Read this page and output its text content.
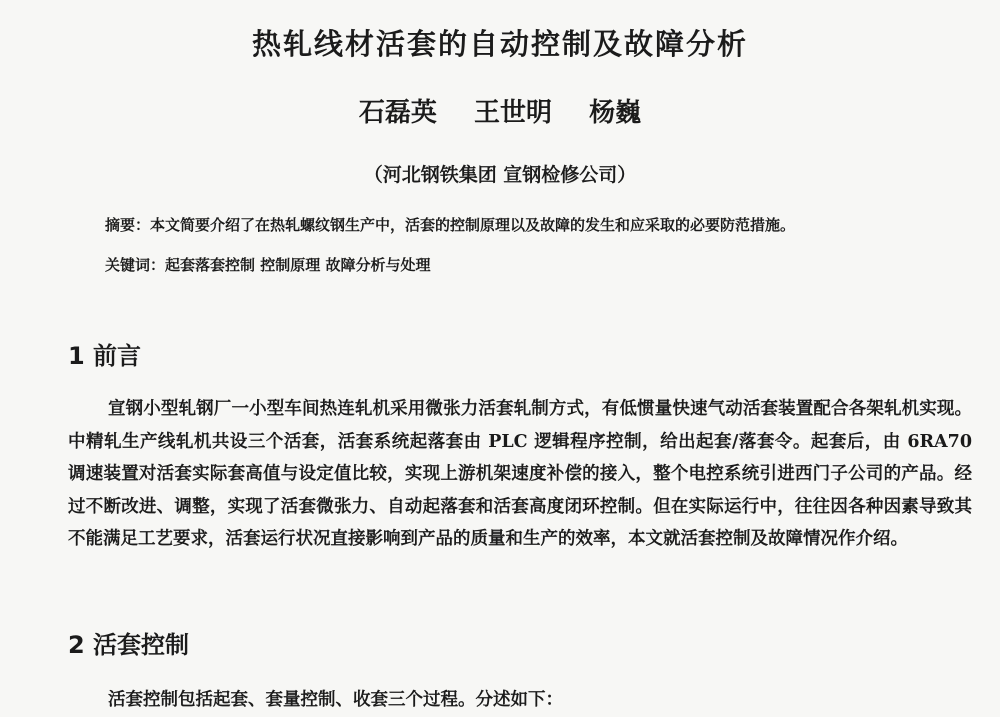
热轧线材活套的自动控制及故障分析
石磊英 王世明 杨巍
（河北钢铁集团 宣钢检修公司）
摘要：本文简要介绍了在热轧螺纹钢生产中，活套的控制原理以及故障的发生和应采取的必要防范措施。
关键词：起套落套控制 控制原理 故障分析与处理
1 前言
宣钢小型轧钢厂一小型车间热连轧机采用微张力活套轧制方式，有低惯量快速气动活套装置配合各架轧机实现。中精轧生产线轧机共设三个活套，活套系统起落套由 PLC 逻辑程序控制，给出起套/落套令。起套后，由 6RA70 调速装置对活套实际套高值与设定值比较，实现上游机架速度补偿的接入，整个电控系统引进西门子公司的产品。经过不断改进、调整，实现了活套微张力、自动起落套和活套高度闭环控制。但在实际运行中，往往因各种因素导致其不能满足工艺要求，活套运行状况直接影响到产品的质量和生产的效率，本文就活套控制及故障情况作介绍。
2 活套控制
活套控制包括起套、套量控制、收套三个过程。分述如下：
